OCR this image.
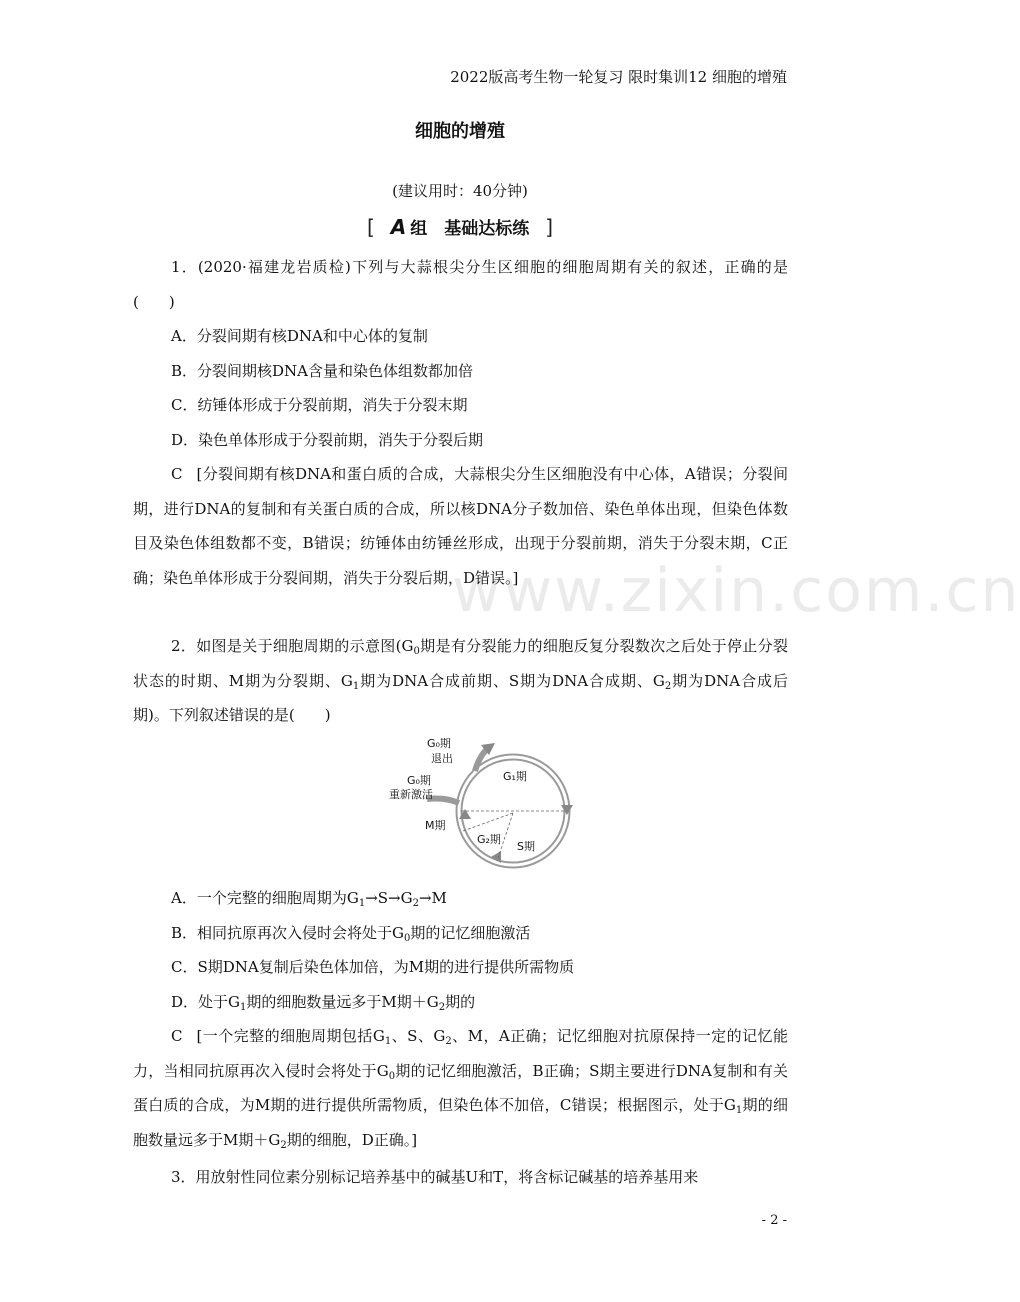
2022版高考生物一轮复习 限时集训12 细胞的增殖
细胞的增殖
(建议用时：40分钟)
[ A 组　基础达标练 ]

1．(2020·福建龙岩质检)下列与大蒜根尖分生区细胞的细胞周期有关的叙述，正确的是　　(　　)

A．分裂间期有核DNA和中心体的复制

B．分裂间期核DNA含量和染色体组数都加倍

C．纺锤体形成于分裂前期，消失于分裂末期

D．染色单体形成于分裂前期，消失于分裂后期

C [分裂间期有核DNA和蛋白质的合成，大蒜根尖分生区细胞没有中心体，A错误；分裂间期，进行DNA的复制和有关蛋白质的合成，所以核DNA分子数加倍、染色单体出现，但染色体数目及染色体组数都不变，B错误；纺锤体由纺锤丝形成，出现于分裂前期，消失于分裂末期，C正确；染色单体形成于分裂间期，消失于分裂后期，D错误。]

2．如图是关于细胞周期的示意图($G_0$期是有分裂能力的细胞反复分裂数次之后处于停止分裂状态的时期、M期为分裂期、$G_1$期为DNA合成前期、S期为DNA合成期、$G_2$期为DNA合成后期)。下列叙述错误的是(　　)

G₀期
退出
G₀期
重新激活
G₁期
M期
G₂期
S期

A．一个完整的细胞周期为$G_1\to S\to G_2\to M$

B．相同抗原再次入侵时会将处于$G_0$期的记忆细胞激活

C．S期DNA复制后染色体加倍，为M期的进行提供所需物质

D．处于$G_1$期的细胞数量远多于M期$+G_2$期的

C [一个完整的细胞周期包括$G_1$、S、$G_2$、M，A正确；记忆细胞对抗原保持一定的记忆能力，当相同抗原再次入侵时会将处于$G_0$期的记忆细胞激活，B正确；S期主要进行DNA复制和有关蛋白质的合成，为M期的进行提供所需物质，但染色体不加倍，C错误；根据图示，处于$G_1$期的细胞数量远多于M期$+G_2$期的细胞，D正确。]

3．用放射性同位素分别标记培养基中的碱基U和T，将含标记碱基的培养基用来

www.zixin.com.cn
- 2 -
